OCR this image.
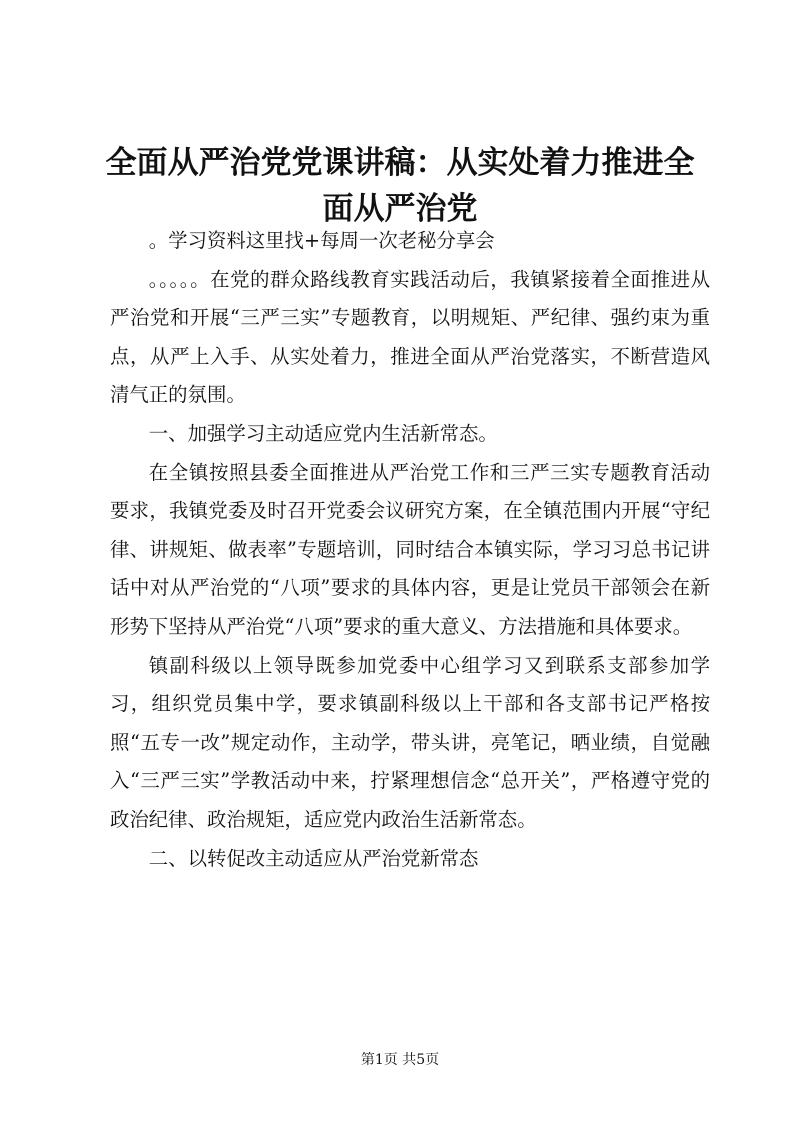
全面从严治党党课讲稿：从实处着力推进全面从严治党

。学习资料这里找+每周一次老秘分享会

。。。。。在党的群众路线教育实践活动后，我镇紧接着全面推进从严治党和开展“三严三实”专题教育，以明规矩、严纪律、强约束为重点，从严上入手、从实处着力，推进全面从严治党落实，不断营造风清气正的氛围。

一、加强学习主动适应党内生活新常态。

在全镇按照县委全面推进从严治党工作和三严三实专题教育活动要求，我镇党委及时召开党委会议研究方案，在全镇范围内开展“守纪律、讲规矩、做表率”专题培训，同时结合本镇实际，学习习总书记讲话中对从严治党的“八项”要求的具体内容，更是让党员干部领会在新形势下坚持从严治党“八项”要求的重大意义、方法措施和具体要求。

镇副科级以上领导既参加党委中心组学习又到联系支部参加学习，组织党员集中学，要求镇副科级以上干部和各支部书记严格按照“五专一改”规定动作，主动学，带头讲，亮笔记，晒业绩，自觉融入“三严三实”学教活动中来，拧紧理想信念“总开关”，严格遵守党的政治纪律、政治规矩，适应党内政治生活新常态。

二、以转促改主动适应从严治党新常态

第1页 共5页
